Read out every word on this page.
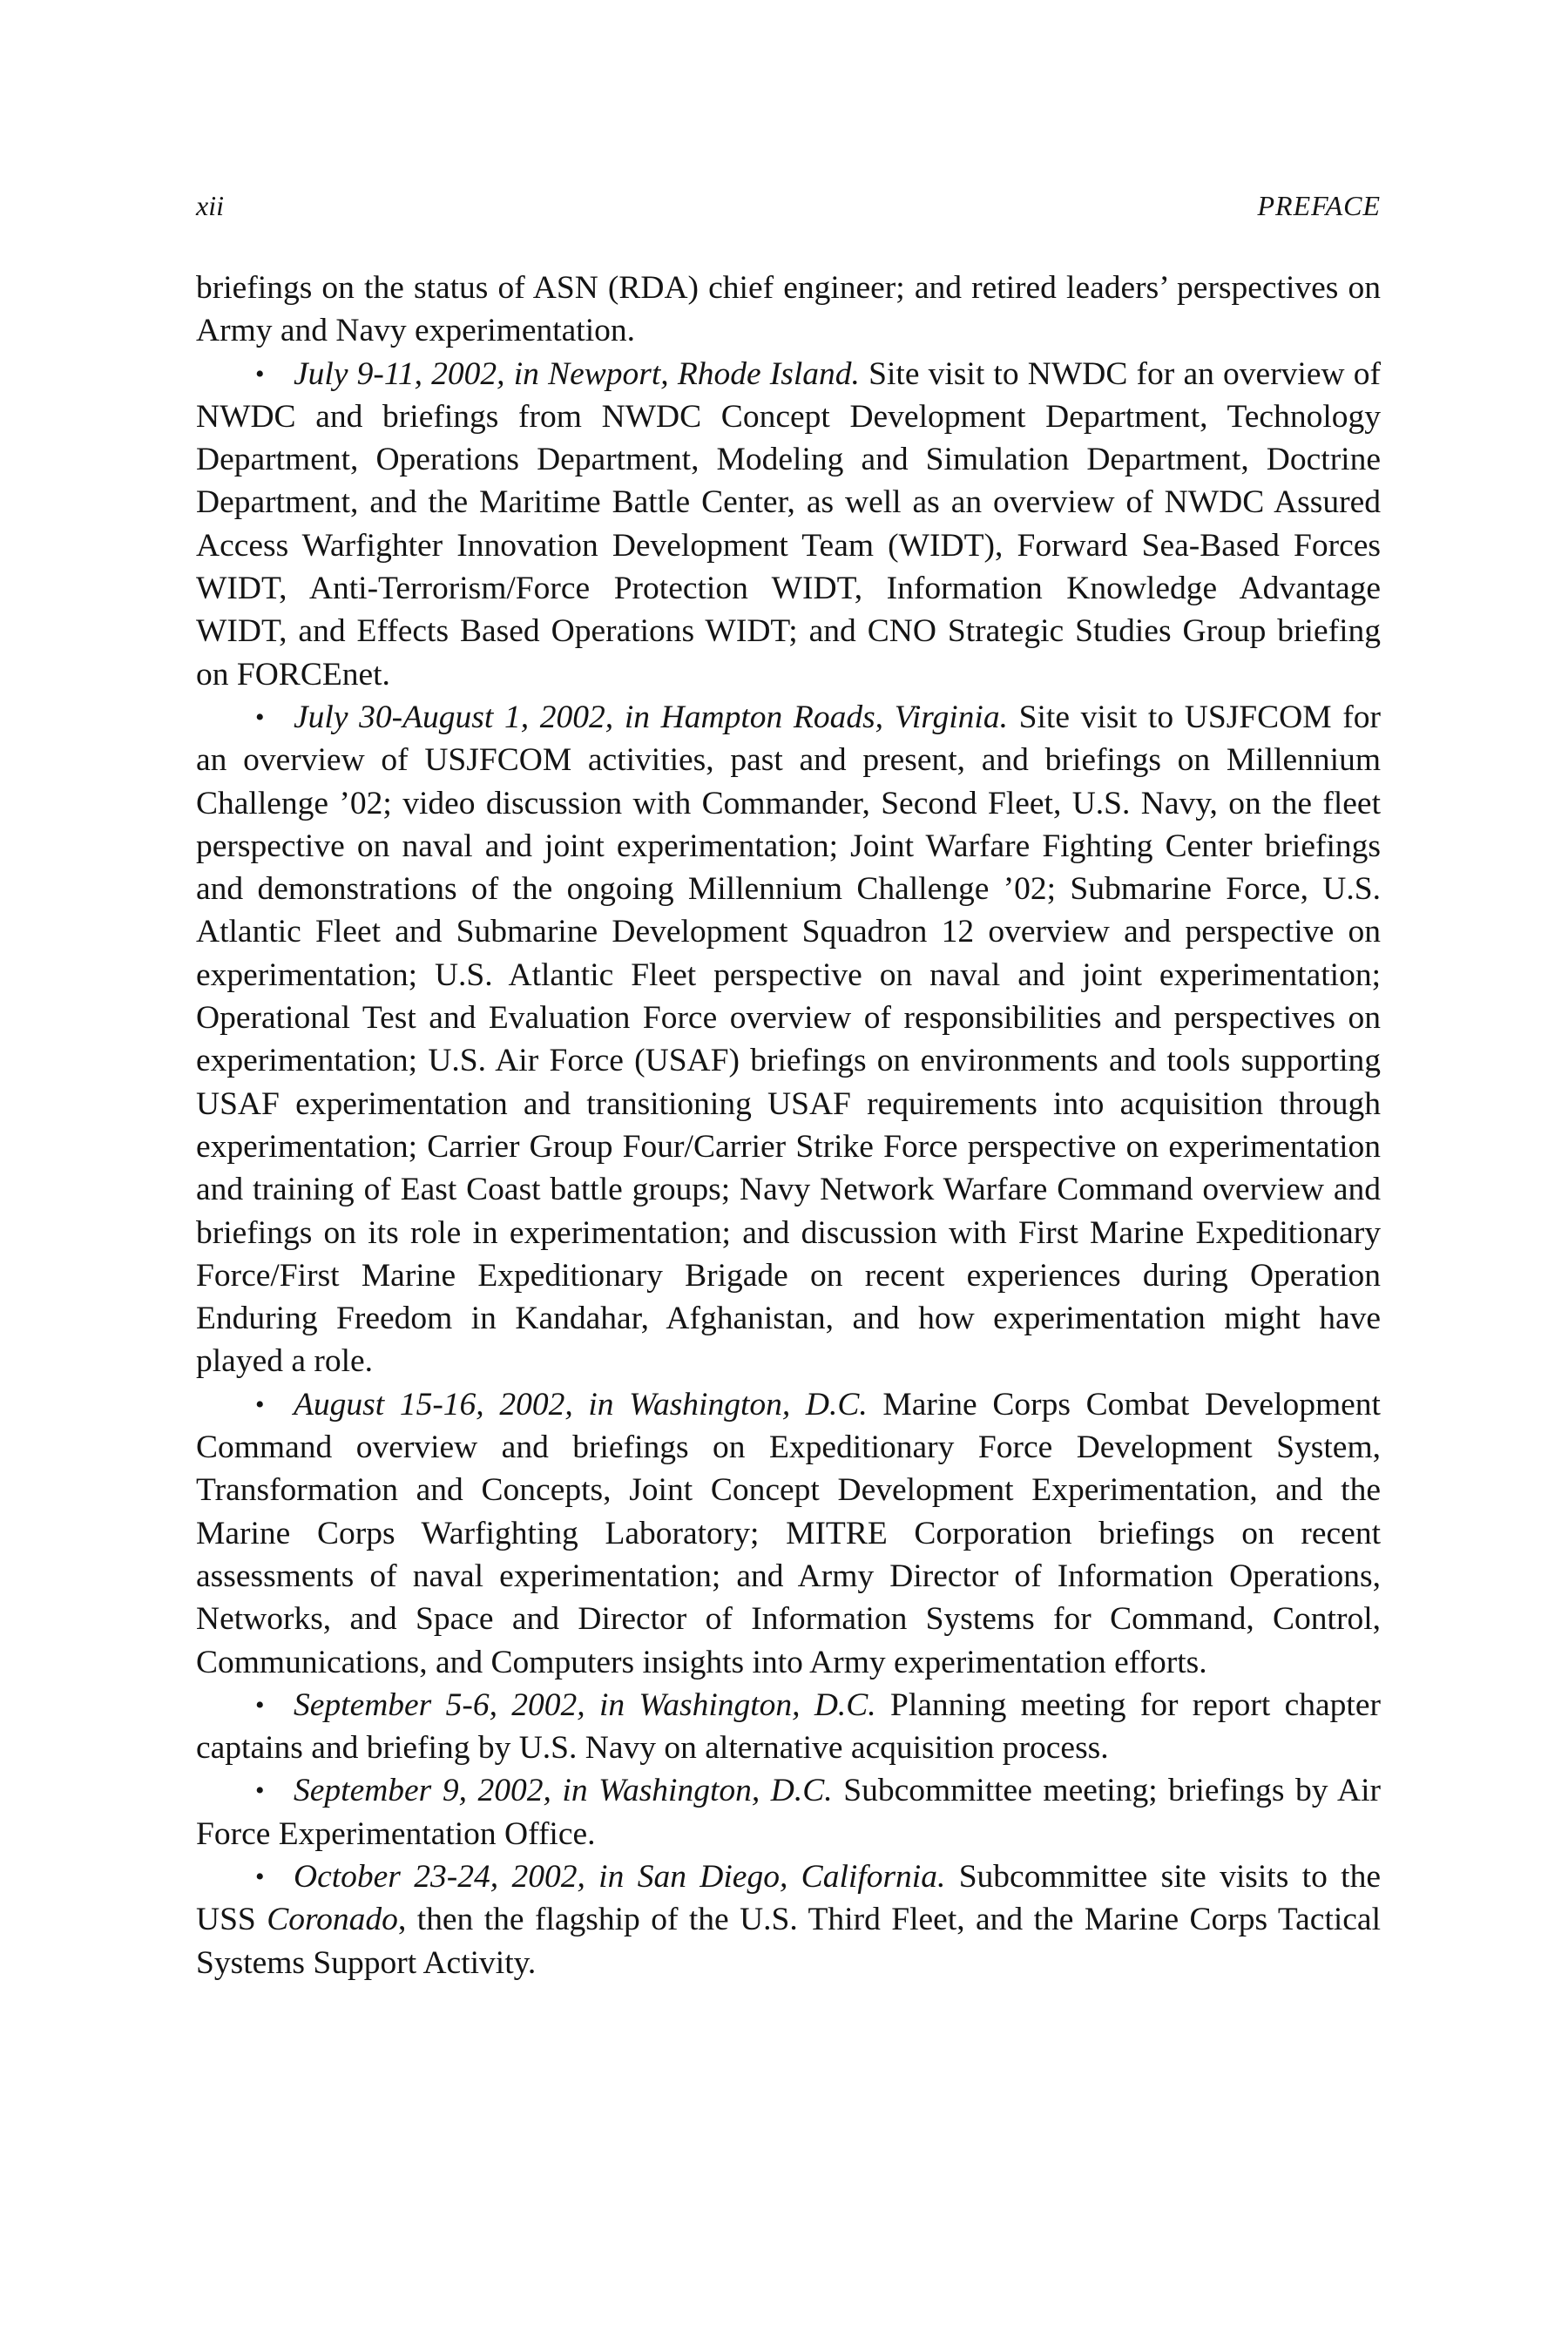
xii	PREFACE

briefings on the status of ASN (RDA) chief engineer; and retired leaders’ perspectives on Army and Navy experimentation.

• July 9-11, 2002, in Newport, Rhode Island. Site visit to NWDC for an overview of NWDC and briefings from NWDC Concept Development Department, Technology Department, Operations Department, Modeling and Simulation Department, Doctrine Department, and the Maritime Battle Center, as well as an overview of NWDC Assured Access Warfighter Innovation Development Team (WIDT), Forward Sea-Based Forces WIDT, Anti-Terrorism/Force Protection WIDT, Information Knowledge Advantage WIDT, and Effects Based Operations WIDT; and CNO Strategic Studies Group briefing on FORCEnet.

• July 30-August 1, 2002, in Hampton Roads, Virginia. Site visit to USJFCOM for an overview of USJFCOM activities, past and present, and briefings on Millennium Challenge ’02; video discussion with Commander, Second Fleet, U.S. Navy, on the fleet perspective on naval and joint experimentation; Joint Warfare Fighting Center briefings and demonstrations of the ongoing Millennium Challenge ’02; Submarine Force, U.S. Atlantic Fleet and Submarine Development Squadron 12 overview and perspective on experimentation; U.S. Atlantic Fleet perspective on naval and joint experimentation; Operational Test and Evaluation Force overview of responsibilities and perspectives on experimentation; U.S. Air Force (USAF) briefings on environments and tools supporting USAF experimentation and transitioning USAF requirements into acquisition through experimentation; Carrier Group Four/Carrier Strike Force perspective on experimentation and training of East Coast battle groups; Navy Network Warfare Command overview and briefings on its role in experimentation; and discussion with First Marine Expeditionary Force/First Marine Expeditionary Brigade on recent experiences during Operation Enduring Freedom in Kandahar, Afghanistan, and how experimentation might have played a role.

• August 15-16, 2002, in Washington, D.C. Marine Corps Combat Development Command overview and briefings on Expeditionary Force Development System, Transformation and Concepts, Joint Concept Development Experimentation, and the Marine Corps Warfighting Laboratory; MITRE Corporation briefings on recent assessments of naval experimentation; and Army Director of Information Operations, Networks, and Space and Director of Information Systems for Command, Control, Communications, and Computers insights into Army experimentation efforts.

• September 5-6, 2002, in Washington, D.C. Planning meeting for report chapter captains and briefing by U.S. Navy on alternative acquisition process.

• September 9, 2002, in Washington, D.C. Subcommittee meeting; briefings by Air Force Experimentation Office.

• October 23-24, 2002, in San Diego, California. Subcommittee site visits to the USS Coronado, then the flagship of the U.S. Third Fleet, and the Marine Corps Tactical Systems Support Activity.
